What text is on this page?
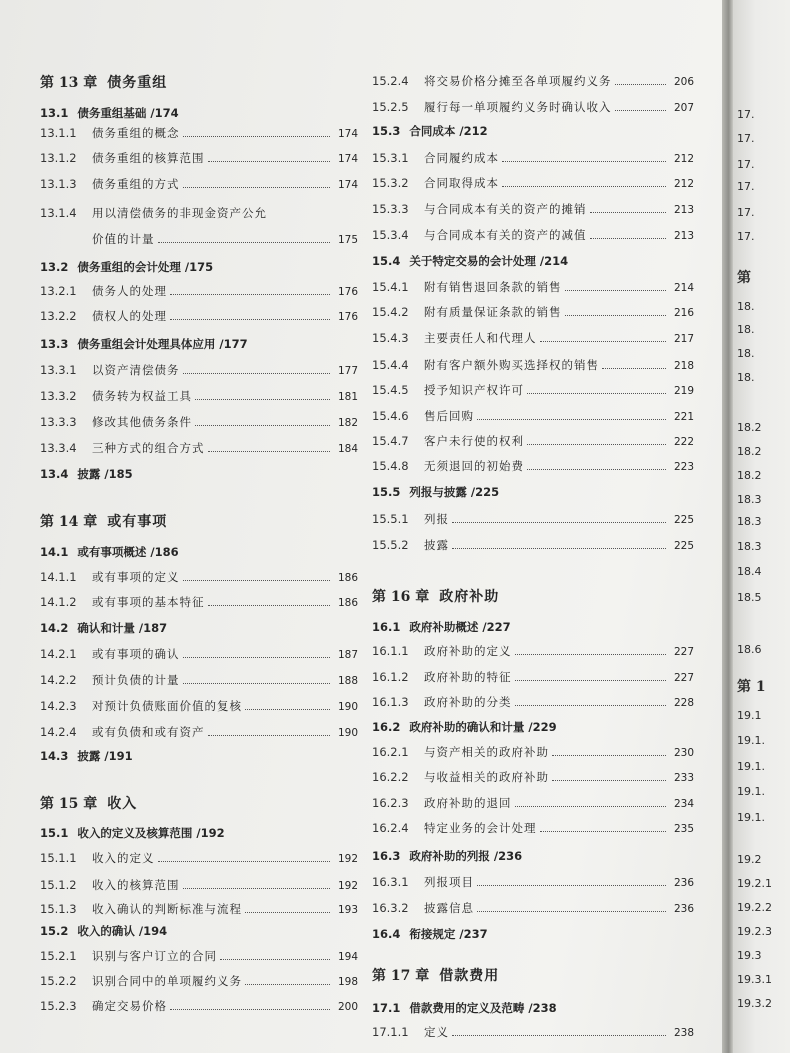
第 13 章 债务重组
13.1 债务重组基础 /174
13.1.1	债务重组的概念	174
13.1.2	债务重组的核算范围	174
13.1.3	债务重组的方式	174
13.1.4	用以清偿债务的非现金资产公允
价值的计量	175
13.2 债务重组的会计处理 /175
13.2.1	债务人的处理	176
13.2.2	债权人的处理	176
13.3 债务重组会计处理具体应用 /177
13.3.1	以资产清偿债务	177
13.3.2	债务转为权益工具	181
13.3.3	修改其他债务条件	182
13.3.4	三种方式的组合方式	184
13.4 披露 /185
第 14 章 或有事项
14.1 或有事项概述 /186
14.1.1	或有事项的定义	186
14.1.2	或有事项的基本特征	186
14.2 确认和计量 /187
14.2.1	或有事项的确认	187
14.2.2	预计负债的计量	188
14.2.3	对预计负债账面价值的复核	190
14.2.4	或有负债和或有资产	190
14.3 披露 /191
第 15 章 收入
15.1 收入的定义及核算范围 /192
15.1.1	收入的定义	192
15.1.2	收入的核算范围	192
15.1.3	收入确认的判断标准与流程	193
15.2 收入的确认 /194
15.2.1	识别与客户订立的合同	194
15.2.2	识别合同中的单项履约义务	198
15.2.3	确定交易价格	200
15.2.4	将交易价格分摊至各单项履约义务	206
15.2.5	履行每一单项履约义务时确认收入	207
15.3 合同成本 /212
15.3.1	合同履约成本	212
15.3.2	合同取得成本	212
15.3.3	与合同成本有关的资产的摊销	213
15.3.4	与合同成本有关的资产的减值	213
15.4 关于特定交易的会计处理 /214
15.4.1	附有销售退回条款的销售	214
15.4.2	附有质量保证条款的销售	216
15.4.3	主要责任人和代理人	217
15.4.4	附有客户额外购买选择权的销售	218
15.4.5	授予知识产权许可	219
15.4.6	售后回购	221
15.4.7	客户未行使的权利	222
15.4.8	无须退回的初始费	223
15.5 列报与披露 /225
15.5.1	列报	225
15.5.2	披露	225
第 16 章 政府补助
16.1 政府补助概述 /227
16.1.1	政府补助的定义	227
16.1.2	政府补助的特征	227
16.1.3	政府补助的分类	228
16.2 政府补助的确认和计量 /229
16.2.1	与资产相关的政府补助	230
16.2.2	与收益相关的政府补助	233
16.2.3	政府补助的退回	234
16.2.4	特定业务的会计处理	235
16.3 政府补助的列报 /236
16.3.1	列报项目	236
16.3.2	披露信息	236
16.4 衔接规定 /237
第 17 章 借款费用
17.1 借款费用的定义及范畴 /238
17.1.1	定义	238
17.
17.
17.
17.
17.
17.
第
18.
18.
18.
18.
18.2
18.2
18.2
18.3
18.3
18.3
18.4
18.5
18.6
第 1
19.1
19.1.
19.1.
19.1.
19.1.
19.2
19.2.1
19.2.2
19.2.3
19.3
19.3.1
19.3.2
